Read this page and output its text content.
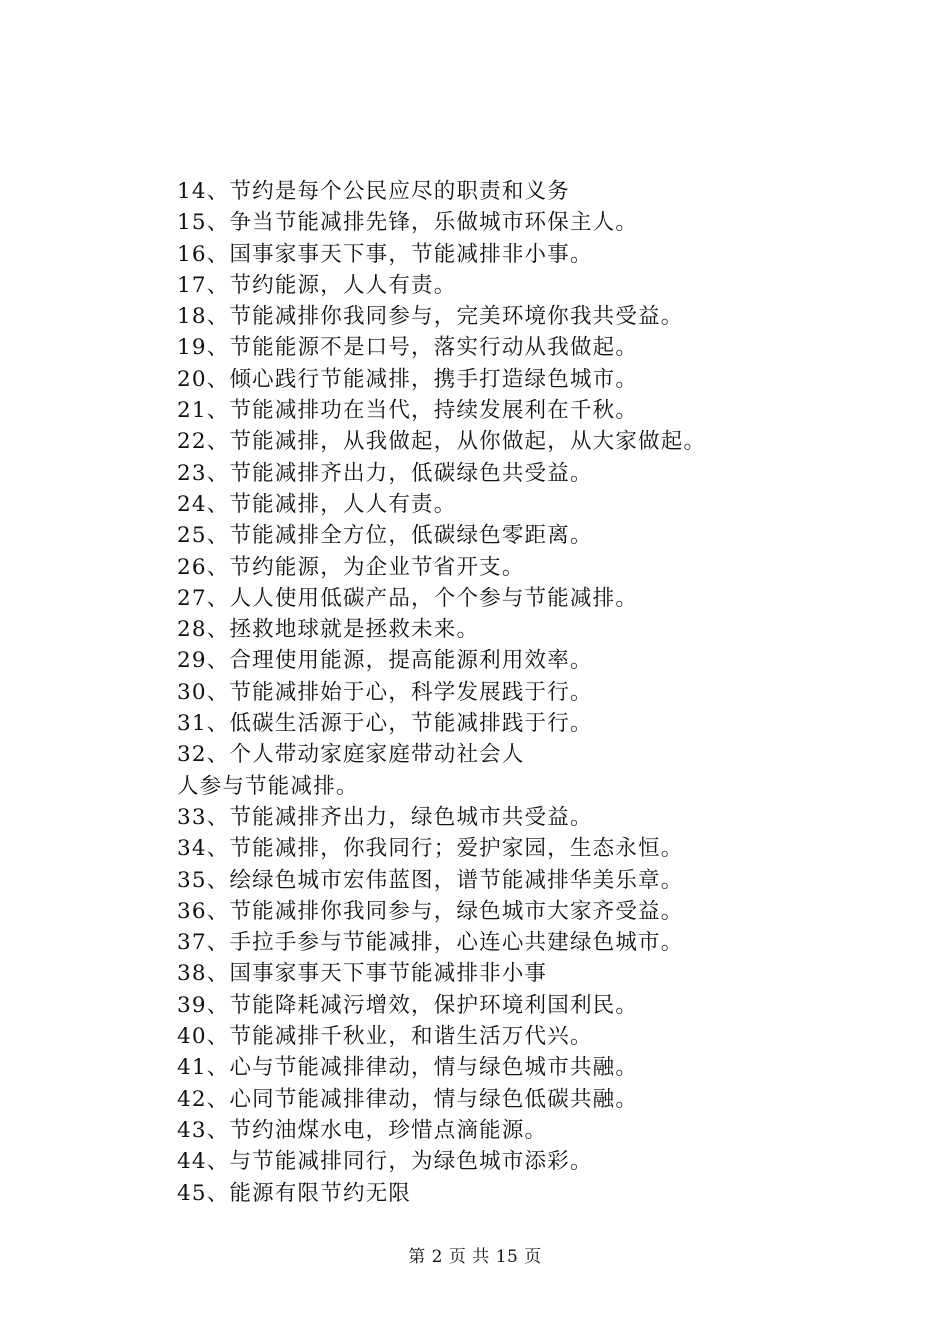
14、节约是每个公民应尽的职责和义务
15、争当节能减排先锋，乐做城市环保主人。
16、国事家事天下事，节能减排非小事。
17、节约能源，人人有责。
18、节能减排你我同参与，完美环境你我共受益。
19、节能能源不是口号，落实行动从我做起。
20、倾心践行节能减排，携手打造绿色城市。
21、节能减排功在当代，持续发展利在千秋。
22、节能减排，从我做起，从你做起，从大家做起。
23、节能减排齐出力，低碳绿色共受益。
24、节能减排，人人有责。
25、节能减排全方位，低碳绿色零距离。
26、节约能源，为企业节省开支。
27、人人使用低碳产品，个个参与节能减排。
28、拯救地球就是拯救未来。
29、合理使用能源，提高能源利用效率。
30、节能减排始于心，科学发展践于行。
31、低碳生活源于心，节能减排践于行。
32、个人带动家庭家庭带动社会人
人参与节能减排。
33、节能减排齐出力，绿色城市共受益。
34、节能减排，你我同行；爱护家园，生态永恒。
35、绘绿色城市宏伟蓝图，谱节能减排华美乐章。
36、节能减排你我同参与，绿色城市大家齐受益。
37、手拉手参与节能减排，心连心共建绿色城市。
38、国事家事天下事节能减排非小事
39、节能降耗减污增效，保护环境利国利民。
40、节能减排千秋业，和谐生活万代兴。
41、心与节能减排律动，情与绿色城市共融。
42、心同节能减排律动，情与绿色低碳共融。
43、节约油煤水电，珍惜点滴能源。
44、与节能减排同行，为绿色城市添彩。
45、能源有限节约无限
第 2 页 共 15 页
